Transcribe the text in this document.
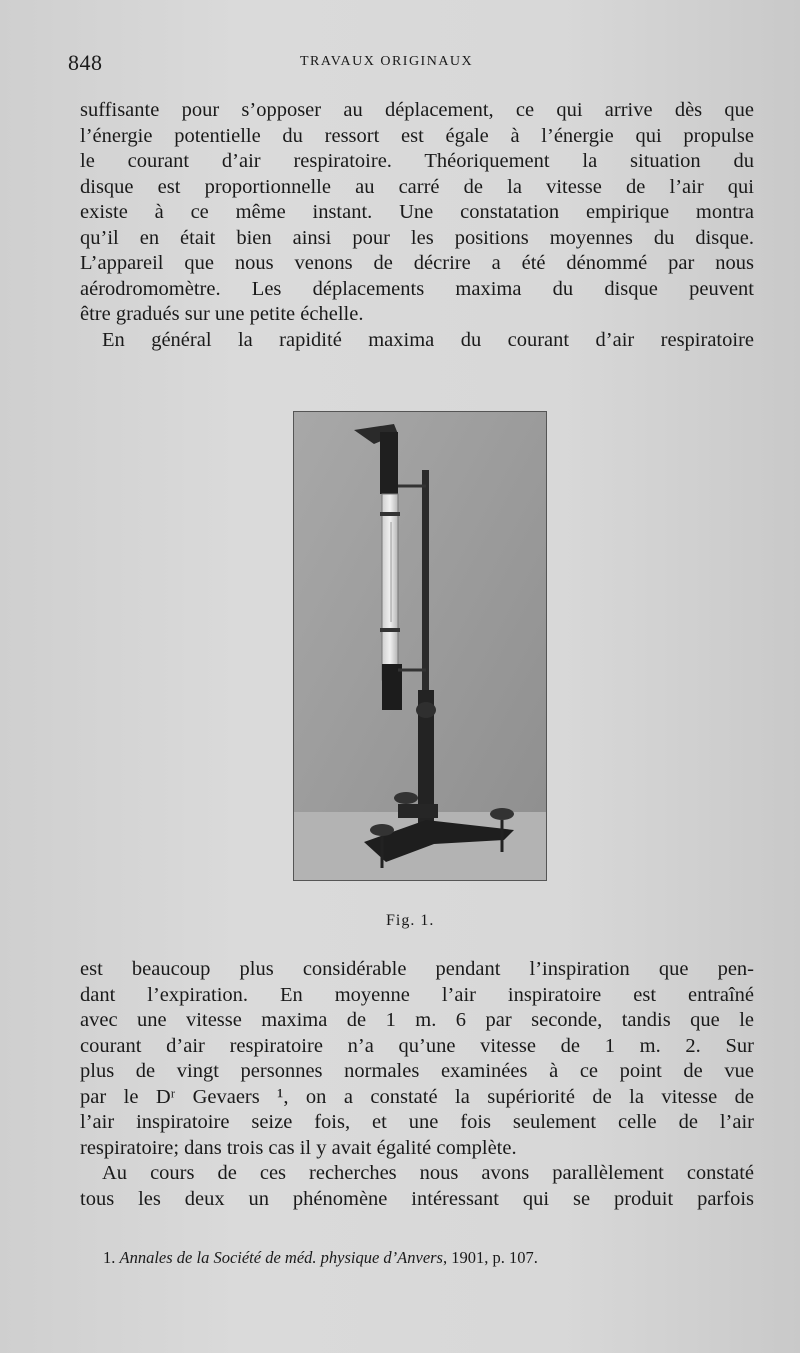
848	TRAVAUX ORIGINAUX
suffisante pour s’opposer au déplacement, ce qui arrive dès que
l’énergie potentielle du ressort est égale à l’énergie qui propulse
le courant d’air respiratoire. Théoriquement la situation du
disque est proportionnelle au carré de la vitesse de l’air qui
existe à ce même instant. Une constatation empirique montra
qu’il en était bien ainsi pour les positions moyennes du disque.
L’appareil que nous venons de décrire a été dénommé par nous
aérodromomètre. Les déplacements maxima du disque peuvent
être gradués sur une petite échelle.
En général la rapidité maxima du courant d’air respiratoire
Fig. 1.
est beaucoup plus considérable pendant l’inspiration que pen-
dant l’expiration. En moyenne l’air inspiratoire est entraîné
avec une vitesse maxima de 1 m. 6 par seconde, tandis que le
courant d’air respiratoire n’a qu’une vitesse de 1 m. 2. Sur
plus de vingt personnes normales examinées à ce point de vue
par le Dʳ Gevaers ¹, on a constaté la supériorité de la vitesse de
l’air inspiratoire seize fois, et une fois seulement celle de l’air
respiratoire; dans trois cas il y avait égalité complète.
Au cours de ces recherches nous avons parallèlement constaté
tous les deux un phénomène intéressant qui se produit parfois
1. Annales de la Société de méd. physique d’Anvers, 1901, p. 107.
